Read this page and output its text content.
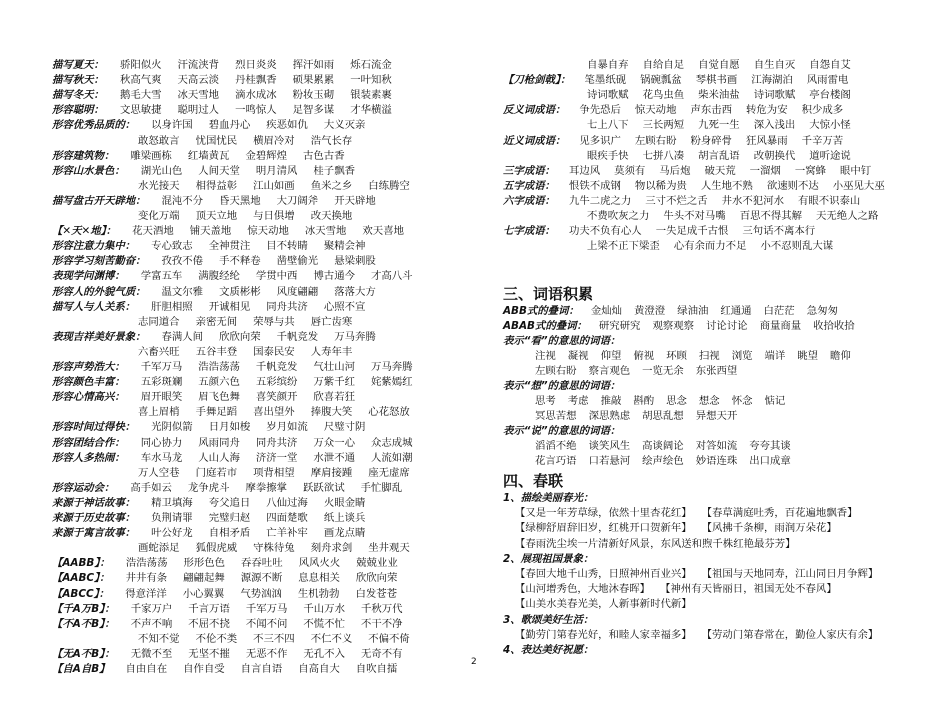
描写夏天： 骄阳似火 汗流浃背 烈日炎炎 挥汗如雨 烁石流金
描写秋天： 秋高气爽 天高云淡 丹桂飘香 硕果累累 一叶知秋
描写冬天： 鹅毛大雪 冰天雪地 滴水成冰 粉妆玉砌 银装素裹
形容聪明： 文思敏捷 聪明过人 一鸣惊人 足智多谋 才华横溢
形容优秀品质的： 以身许国 碧血丹心 疾恶如仇 大义灭亲
敢怒敢言 忧国忧民 横眉冷对 浩气长存
形容建筑物： 雕梁画栋 红墙黄瓦 金碧辉煌 古色古香
形容山水景色： 湖光山色 人间天堂 明月清风 桂子飘香
水光接天 相得益彰 江山如画 鱼米之乡 白练腾空
描写盘古开天辟地： 混沌不分 昏天黑地 大刀阔斧 开天辟地
变化万端 顶天立地 与日俱增 改天换地
【✕天✕地】： 花天酒地 铺天盖地 惊天动地 冰天雪地 欢天喜地
形容注意力集中： 专心致志 全神贯注 目不转睛 聚精会神
形容学习刻苦勤奋： 孜孜不倦 手不释卷 凿壁偷光 悬梁刺股
表现学问渊博： 学富五车 满腹经纶 学贯中西 博古通今 才高八斗
形容人的外貌气质： 温文尔雅 文质彬彬 风度翩翩 落落大方
描写人与人关系： 肝胆相照 开诚相见 同舟共济 心照不宣
志同道合 亲密无间 荣辱与共 唇亡齿寒
表现吉祥美好景象： 春满人间 欣欣向荣 千帆竞发 万马奔腾
六畜兴旺 五谷丰登 国泰民安 人寿年丰
形容声势浩大： 千军万马 浩浩荡荡 千帆竞发 气壮山河 万马奔腾
形容颜色丰富： 五彩斑斓 五颜六色 五彩缤纷 万紫千红 姹紫嫣红
形容心情高兴： 眉开眼笑 眉飞色舞 喜笑颜开 欣喜若狂
喜上眉梢 手舞足蹈 喜出望外 捧腹大笑 心花怒放
形容时间过得快： 光阴似箭 日月如梭 岁月如流 尺璧寸阴
形容团结合作： 同心协力 风雨同舟 同舟共济 万众一心 众志成城
形容人多热闹： 车水马龙 人山人海 济济一堂 水泄不通 人流如潮
万人空巷 门庭若市 项背相望 摩肩接踵 座无虚席
形容运动会： 高手如云 龙争虎斗 摩拳擦掌 跃跃欲试 手忙脚乱
来源于神话故事： 精卫填海 夸父追日 八仙过海 火眼金睛
来源于历史故事： 负荆请罪 完璧归赵 四面楚歌 纸上谈兵
来源于寓言故事： 叶公好龙 自相矛盾 亡羊补牢 画龙点睛
画蛇添足 狐假虎威 守株待兔 刻舟求剑 坐井观天
【AABB】： 浩浩荡荡 形形色色 吞吞吐吐 风风火火 兢兢业业
【AABC】： 井井有条 翩翩起舞 源源不断 息息相关 欣欣向荣
【ABCC】： 得意洋洋 小心翼翼 气势汹汹 生机勃勃 白发苍苍
【千A万B】： 千家万户 千言万语 千军万马 千山万水 千秋万代
【不A不B】： 不声不响 不屈不挠 不闻不问 不慌不忙 不干不净
不知不觉 不伦不类 不三不四 不仁不义 不偏不倚
【无A不B】： 无微不至 无坚不摧 无恶不作 无孔不入 无奇不有
【自A自B】 自由自在 自作自受 自言自语 自高自大 自吹自擂
自暴自弃 自给自足 自觉自愿 自生自灭 自怨自艾
【刀枪剑戟】： 笔墨纸砚 锅碗瓢盆 琴棋书画 江海湖泊 风雨雷电
诗词歌赋 花鸟虫鱼 柴米油盐 诗词歌赋 亭台楼阁
反义词成语： 争先恐后 惊天动地 声东击西 转危为安 积少成多
七上八下 三长两短 九死一生 深入浅出 大惊小怪
近义词成语： 见多识广 左顾右盼 粉身碎骨 狂风暴雨 千辛万苦
眼疾手快 七拼八凑 胡言乱语 改朝换代 道听途说
三字成语： 耳边风 莫须有 马后炮 破天荒 一溜烟 一窝蜂 眼中钉
五字成语： 恨铁不成钢 物以稀为贵 人生地不熟 欲速则不达 小巫见大巫
六字成语： 九牛二虎之力 三寸不烂之舌 井水不犯河水 有眼不识泰山
不费吹灰之力 牛头不对马嘴 百思不得其解 天无绝人之路
七字成语： 功夫不负有心人 一失足成千古恨 三句话不离本行
上梁不正下梁歪 心有余而力不足 小不忍则乱大谋
ABB式的叠词： 金灿灿 黄澄澄 绿油油 红通通 白茫茫 急匆匆
ABAB式的叠词： 研究研究 观察观察 讨论讨论 商量商量 收拾收拾
表示“看”的意思的词语：
注视 凝视 仰望 俯视 环顾 扫视 浏览 端详 眺望 瞻仰
左顾右盼 察言观色 一览无余 东张西望
表示“想”的意思的词语：
思考 考虑 推敲 斟酌 思念 想念 怀念 惦记
冥思苦想 深思熟虑 胡思乱想 异想天开
表示“说”的意思的词语：
滔滔不绝 谈笑风生 高谈阔论 对答如流 夸夸其谈
花言巧语 口若悬河 绘声绘色 妙语连珠 出口成章
1、描绘美丽春光：
【又是一年芳草绿，依然十里杏花红】 【春草满庭吐秀，百花遍地飘香】
【绿柳舒眉辞旧岁，红桃开口贺新年】 【风拂千条柳，雨润万朵花】
【春雨洗尘埃一片清新好风景，东风送和煦千株红艳最芬芳】
2、展现祖国景象：
【春回大地千山秀，日照神州百业兴】 【祖国与天地同寿，江山同日月争辉】
【山河增秀色，大地沐春晖】 【神州有天皆丽日，祖国无处不春风】
【山美水美春光美，人新事新时代新】
3、歌颂美好生活：
【勤劳门第春光好，和睦人家幸福多】 【劳动门第春常在，勤俭人家庆有余】
4、表达美好祝愿：
三、词语积累
四、春联
2
